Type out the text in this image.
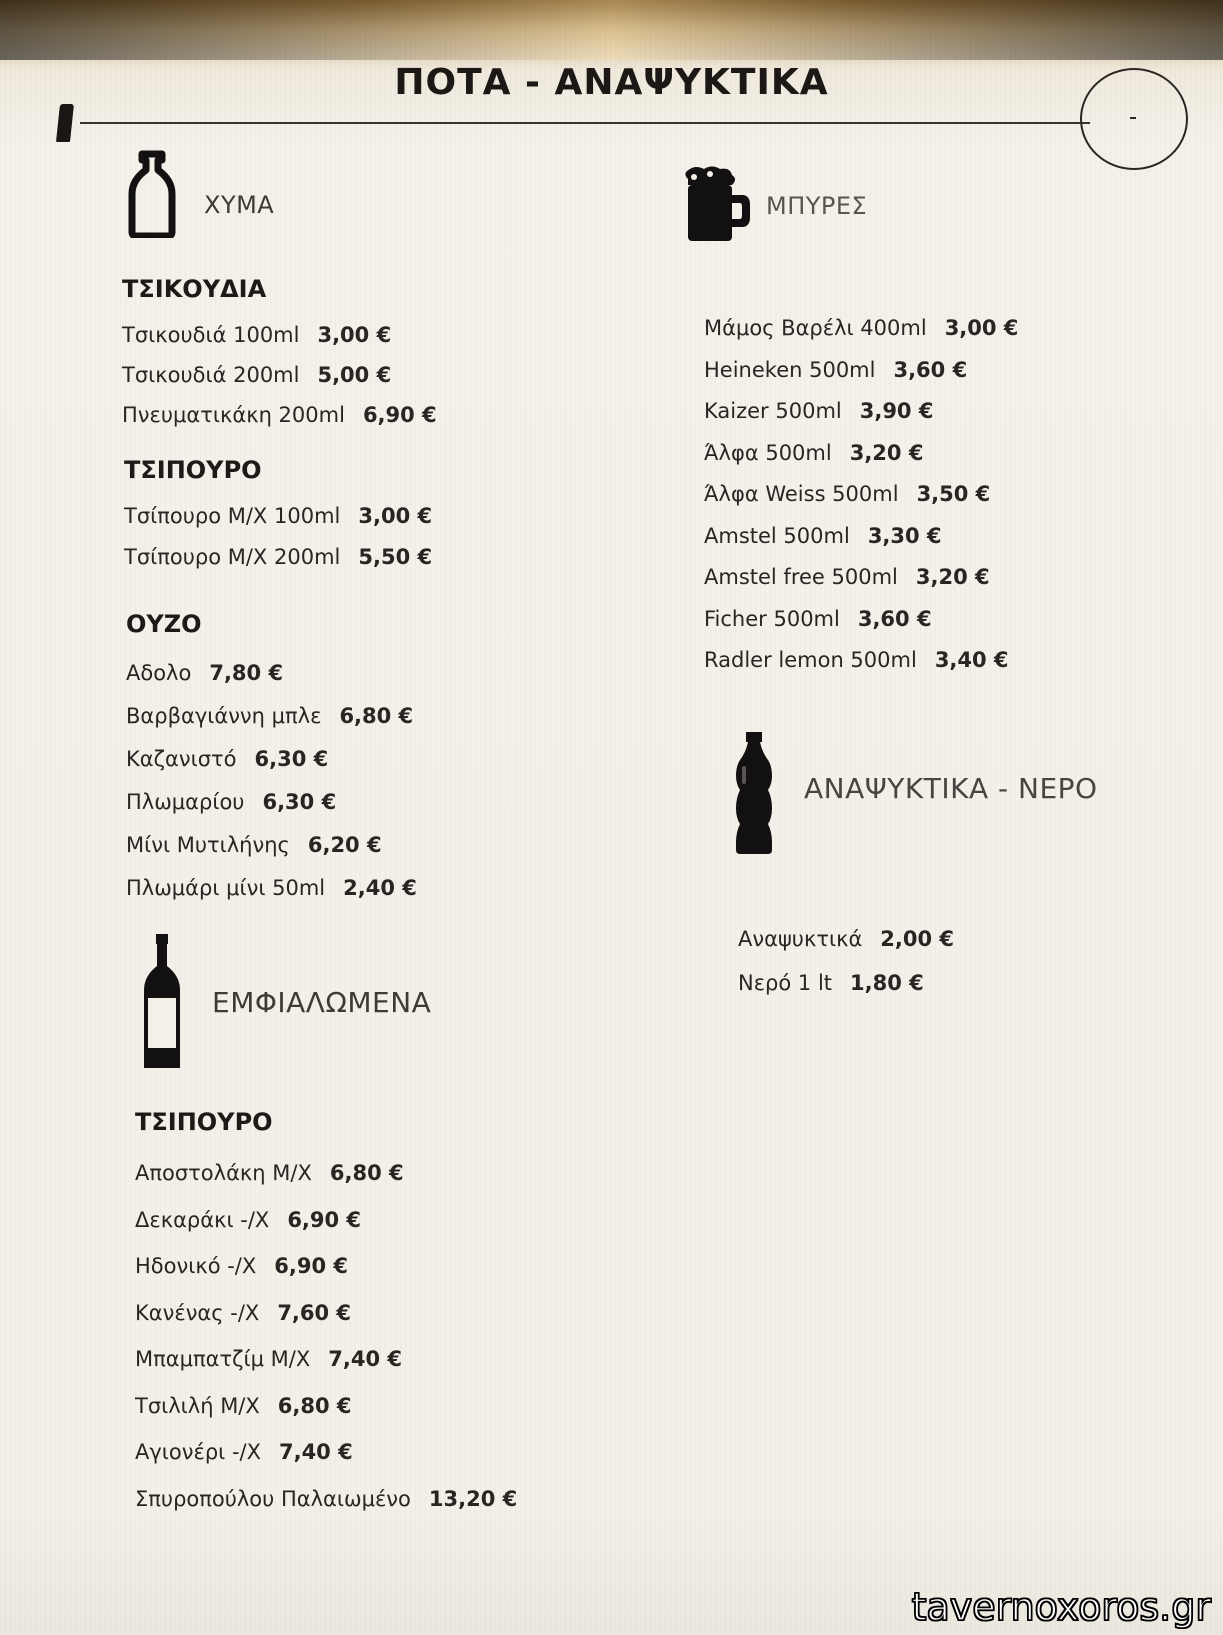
ΠΟΤΑ - ΑΝΑΨΥΚΤΙΚΑ
ΧΥΜΑ
ΤΣΙΚΟΥΔΙΑ
Τσικουδιά 100ml 3,00 €
Τσικουδιά 200ml 5,00 €
Πνευματικάκη 200ml 6,90 €
ΤΣΙΠΟΥΡΟ
Τσίπουρο Μ/Χ 100ml 3,00 €
Τσίπουρο Μ/Χ 200ml 5,50 €
ΟΥΖΟ
Αδολο 7,80 €
Βαρβαγιάννη μπλε 6,80 €
Καζανιστό 6,30 €
Πλωμαρίου 6,30 €
Μίνι Μυτιλήνης 6,20 €
Πλωμάρι μίνι 50ml 2,40 €
ΕΜΦΙΑΛΩΜΕΝΑ
ΤΣΙΠΟΥΡΟ
Αποστολάκη Μ/Χ 6,80 €
Δεκαράκι -/Χ 6,90 €
Ηδονικό -/Χ 6,90 €
Κανένας -/Χ 7,60 €
Μπαμπατζίμ Μ/Χ 7,40 €
Τσιλιλή Μ/Χ 6,80 €
Αγιονέρι -/Χ 7,40 €
Σπυροπούλου Παλαιωμένο 13,20 €
ΜΠΥΡΕΣ
Μάμος Βαρέλι 400ml 3,00 €
Heineken 500ml 3,60 €
Kaizer 500ml 3,90 €
Άλφα 500ml 3,20 €
Άλφα Weiss 500ml 3,50 €
Amstel 500ml 3,30 €
Amstel free 500ml 3,20 €
Ficher 500ml 3,60 €
Radler lemon 500ml 3,40 €
ΑΝΑΨΥΚΤΙΚΑ - ΝΕΡΟ
Αναψυκτικά 2,00 €
Νερό 1 lt 1,80 €
tavernoxoros.gr
